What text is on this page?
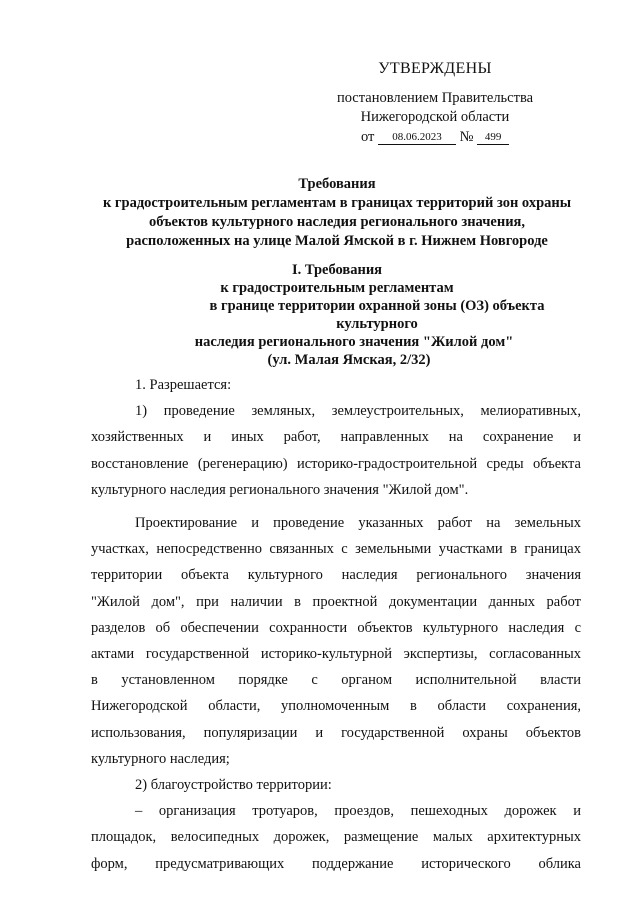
УТВЕРЖДЕНЫ
постановлением Правительства
Нижегородской области
от 08.06.2023 № 499
Требования
к градостроительным регламентам в границах территорий зон охраны
объектов культурного наследия регионального значения,
расположенных на улице Малой Ямской в г. Нижнем Новгороде
I. Требования
к градостроительным регламентам
в границе территории охранной зоны (ОЗ) объекта культурного
наследия регионального значения "Жилой дом"
(ул. Малая Ямская, 2/32)

1. Разрешается:

1) проведение земляных, землеустроительных, мелиоративных,

хозяйственных и иных работ, направленных на сохранение и

восстановление (регенерацию) историко-градостроительной среды объекта

культурного наследия регионального значения "Жилой дом".

Проектирование и проведение указанных работ на земельных

участках, непосредственно связанных с земельными участками в границах

территории объекта культурного наследия регионального значения

"Жилой дом", при наличии в проектной документации данных работ

разделов об обеспечении сохранности объектов культурного наследия с

актами государственной историко-культурной экспертизы, согласованных

в установленном порядке с органом исполнительной власти

Нижегородской области, уполномоченным в области сохранения,

использования, популяризации и государственной охраны объектов

культурного наследия;

2) благоустройство территории:

– организация тротуаров, проездов, пешеходных дорожек и

площадок, велосипедных дорожек, размещение малых архитектурных

форм, предусматривающих поддержание исторического облика
